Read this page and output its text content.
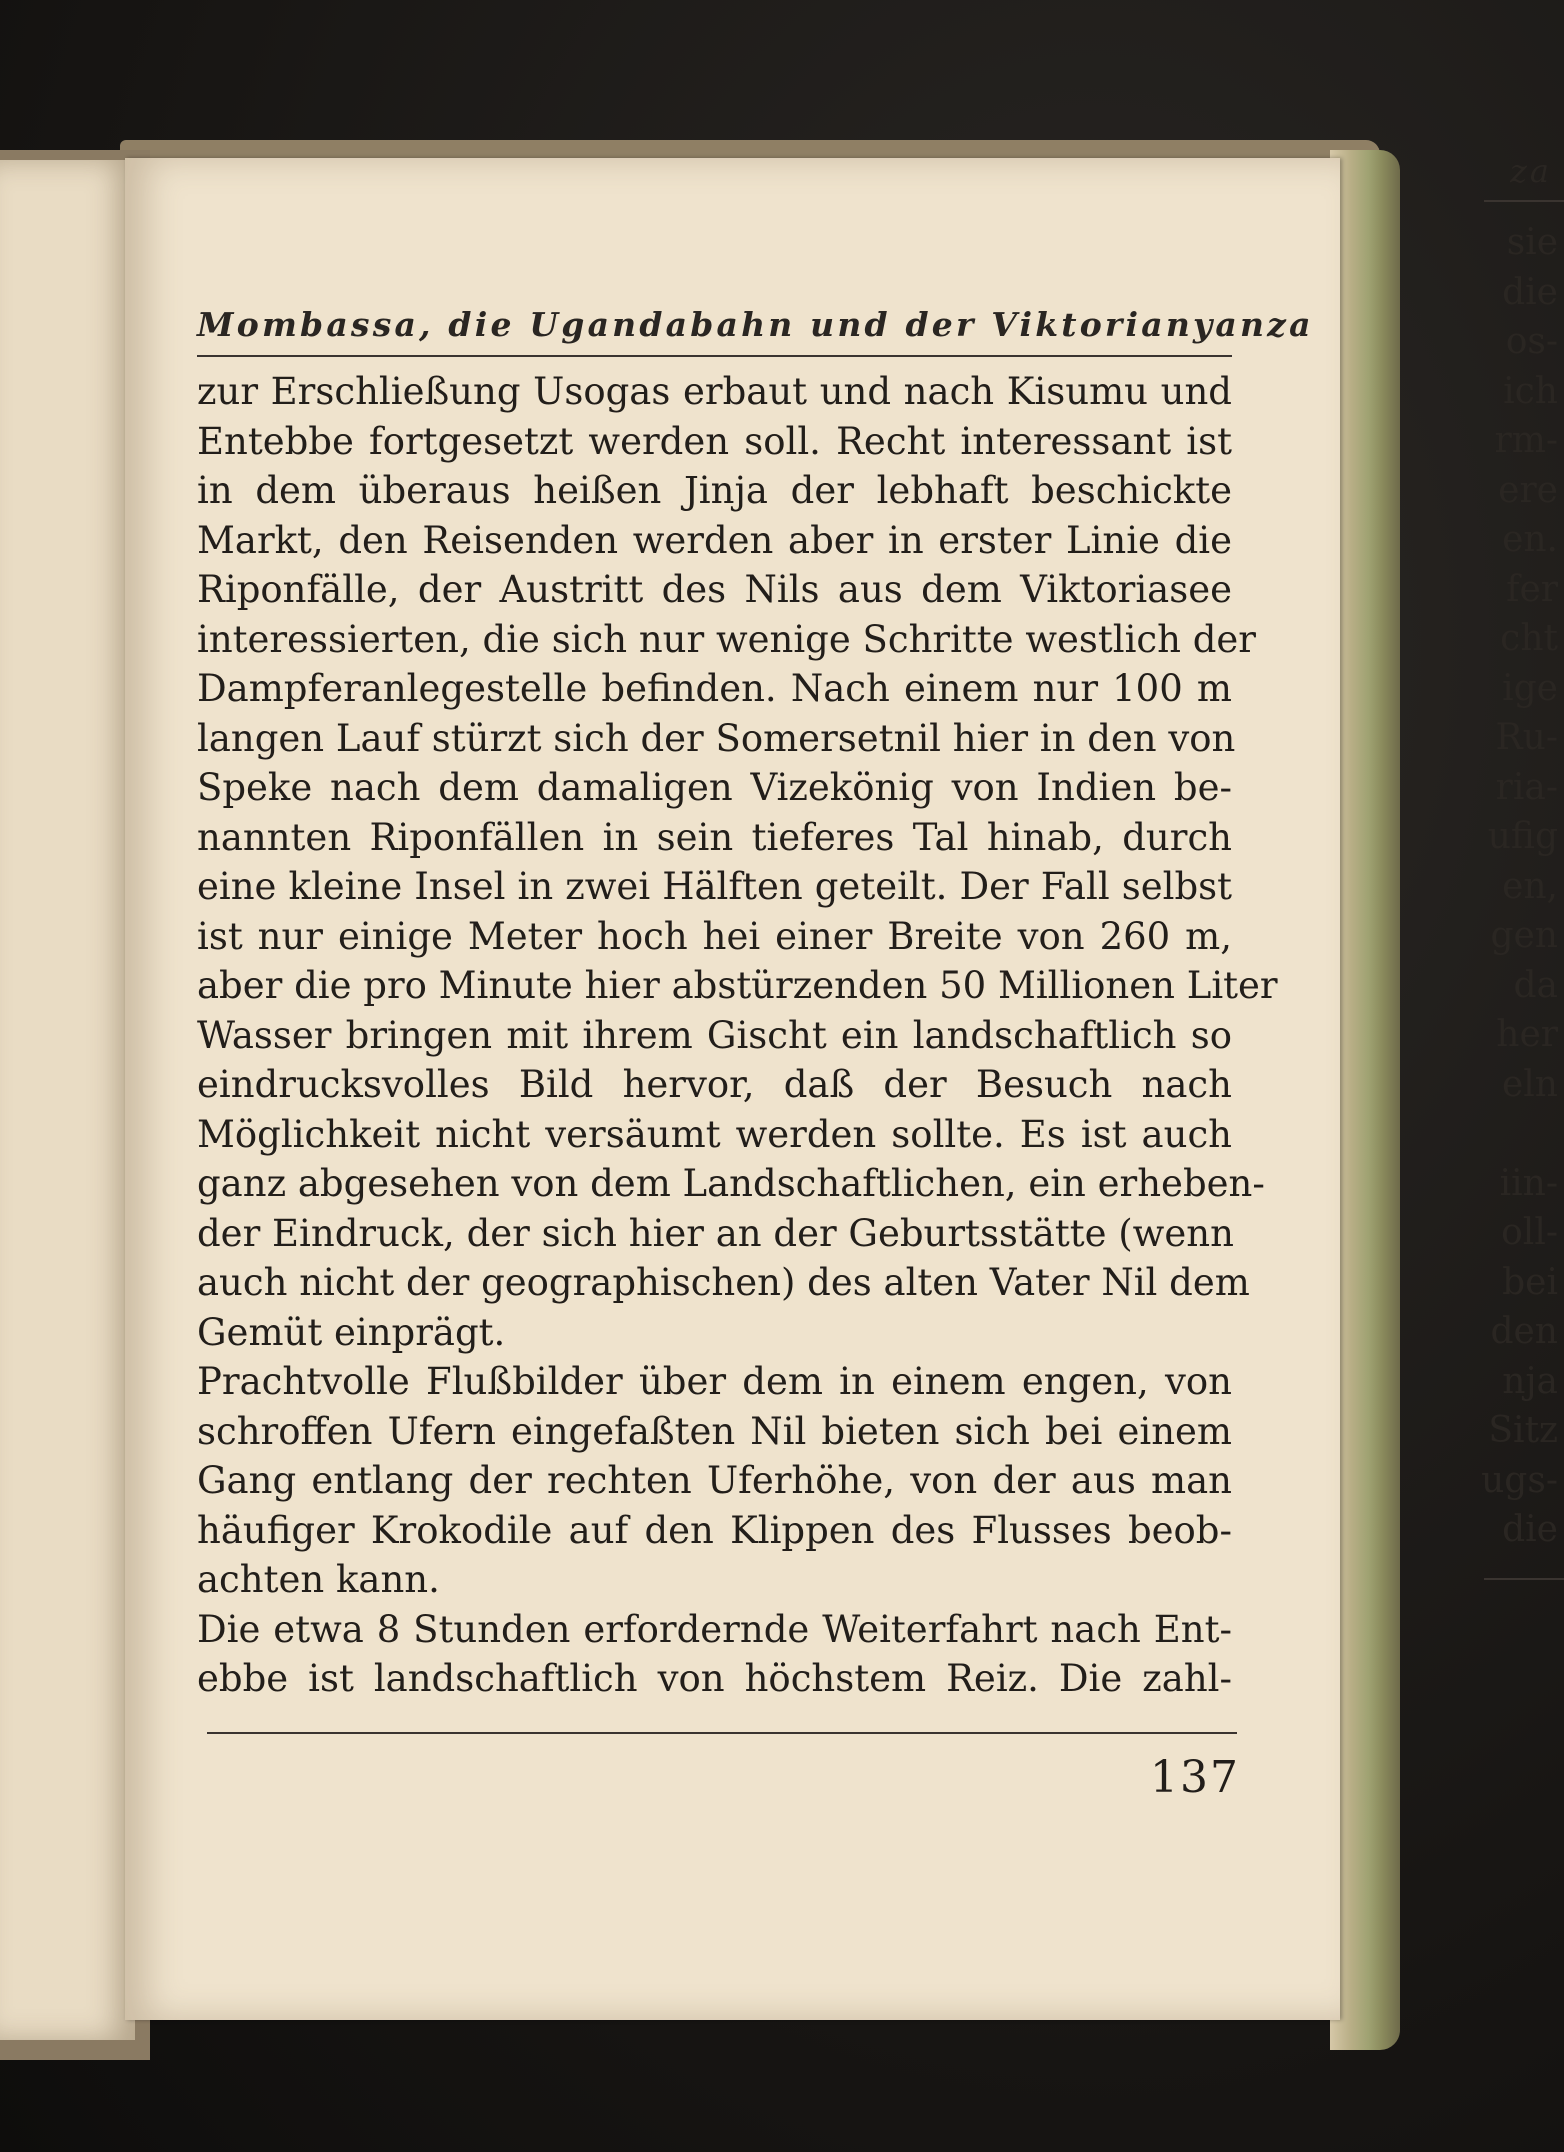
za
sie
die
os-
ich
rm-
ere
en.
fer
cht
ige
Ru-
ria-
ufig
en,
gen
da
her
eln
iin-
oll-
bei
den
nja
Sitz
ugs-
die
Mombassa, die Ugandabahn und der Viktorianyanza
zur Erschließung Usogas erbaut und nach Kisumu und
Entebbe fortgesetzt werden soll. Recht interessant ist
in dem überaus heißen Jinja der lebhaft beschickte
Markt, den Reisenden werden aber in erster Linie die
Riponfälle, der Austritt des Nils aus dem Viktoriasee
interessierten, die sich nur wenige Schritte westlich der
Dampferanlegestelle befinden. Nach einem nur 100 m
langen Lauf stürzt sich der Somersetnil hier in den von
Speke nach dem damaligen Vizekönig von Indien be-
nannten Riponfällen in sein tieferes Tal hinab, durch
eine kleine Insel in zwei Hälften geteilt. Der Fall selbst
ist nur einige Meter hoch hei einer Breite von 260 m,
aber die pro Minute hier abstürzenden 50 Millionen Liter
Wasser bringen mit ihrem Gischt ein landschaftlich so
eindrucksvolles Bild hervor, daß der Besuch nach
Möglichkeit nicht versäumt werden sollte. Es ist auch
ganz abgesehen von dem Landschaftlichen, ein erheben-
der Eindruck, der sich hier an der Geburtsstätte (wenn
auch nicht der geographischen) des alten Vater Nil dem
Gemüt einprägt.
Prachtvolle Flußbilder über dem in einem engen, von
schroffen Ufern eingefaßten Nil bieten sich bei einem
Gang entlang der rechten Uferhöhe, von der aus man
häufiger Krokodile auf den Klippen des Flusses beob-
achten kann.
Die etwa 8 Stunden erfordernde Weiterfahrt nach Ent-
ebbe ist landschaftlich von höchstem Reiz. Die zahl-
137
